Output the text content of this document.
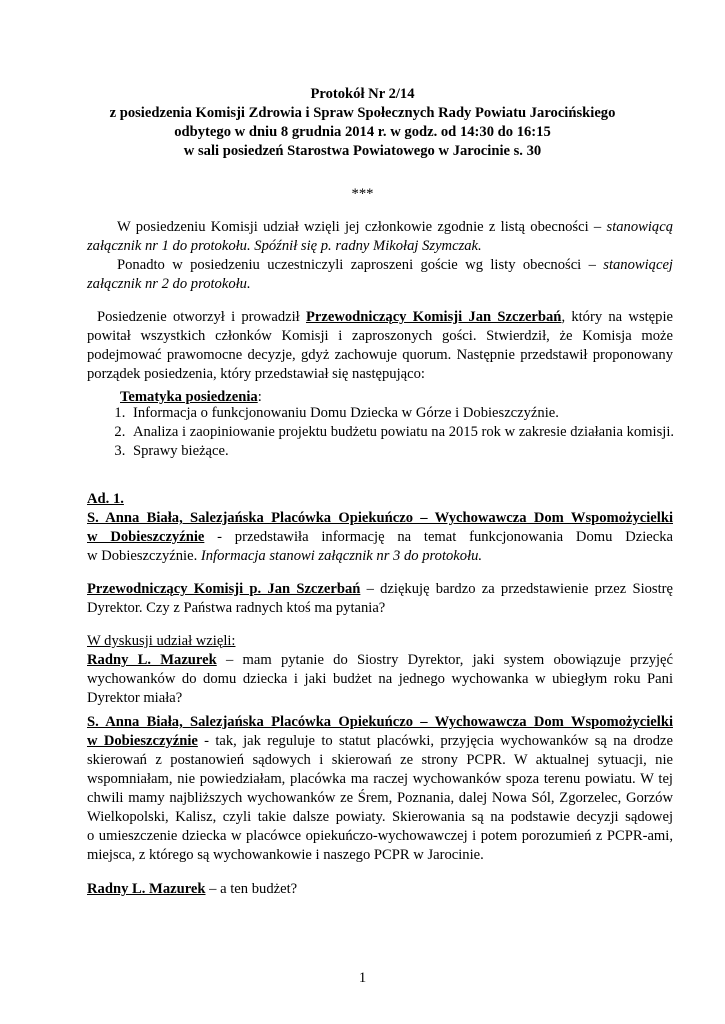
Protokół Nr 2/14
z posiedzenia Komisji Zdrowia i Spraw Społecznych Rady Powiatu Jarocińskiego
odbytego w dniu 8 grudnia 2014 r. w godz. od 14:30 do 16:15
w sali posiedzeń Starostwa Powiatowego w Jarocinie s. 30
***
W posiedzeniu Komisji udział wzięli jej członkowie zgodnie z listą obecności – stanowiącą
załącznik nr 1 do protokołu. Spóźnił się p. radny Mikołaj Szymczak.
Ponadto w posiedzeniu uczestniczyli zaproszeni goście wg listy obecności – stanowiącej
załącznik nr 2 do protokołu.
Posiedzenie otworzył i prowadził Przewodniczący Komisji Jan Szczerbań, który na wstępie
powitał wszystkich członków Komisji i zaproszonych gości. Stwierdził, że Komisja może
podejmować prawomocne decyzje, gdyż zachowuje quorum. Następnie przedstawił proponowany
porządek posiedzenia, który przedstawiał się następująco:
Tematyka posiedzenia:
1. Informacja o funkcjonowaniu Domu Dziecka w Górze i Dobieszczyźnie.
2. Analiza i zaopiniowanie projektu budżetu powiatu na 2015 rok w zakresie działania komisji.
3. Sprawy bieżące.
Ad. 1.
S. Anna Biała, Salezjańska Placówka Opiekuńczo – Wychowawcza Dom Wspomożycielki
w Dobieszczyźnie - przedstawiła informację na temat funkcjonowania Domu Dziecka
w Dobieszczyźnie. Informacja stanowi załącznik nr 3 do protokołu.
Przewodniczący Komisji p. Jan Szczerbań – dziękuję bardzo za przedstawienie przez Siostrę
Dyrektor. Czy z Państwa radnych ktoś ma pytania?
W dyskusji udział wzięli:
Radny L. Mazurek – mam pytanie do Siostry Dyrektor, jaki system obowiązuje przyjęć
wychowanków do domu dziecka i jaki budżet na jednego wychowanka w ubiegłym roku Pani
Dyrektor miała?
S. Anna Biała, Salezjańska Placówka Opiekuńczo – Wychowawcza Dom Wspomożycielki
w Dobieszczyźnie - tak, jak reguluje to statut placówki, przyjęcia wychowanków są na drodze
skierowań z postanowień sądowych i skierowań ze strony PCPR. W aktualnej sytuacji, nie
wspomniałam, nie powiedziałam, placówka ma raczej wychowanków spoza terenu powiatu. W tej
chwili mamy najbliższych wychowanków ze Śrem, Poznania, dalej Nowa Sól, Zgorzelec, Gorzów
Wielkopolski, Kalisz, czyli takie dalsze powiaty. Skierowania są na podstawie decyzji sądowej
o umieszczenie dziecka w placówce opiekuńczo-wychowawczej i potem porozumień z PCPR-ami,
miejsca, z którego są wychowankowie i naszego PCPR w Jarocinie.
Radny L. Mazurek – a ten budżet?
1
